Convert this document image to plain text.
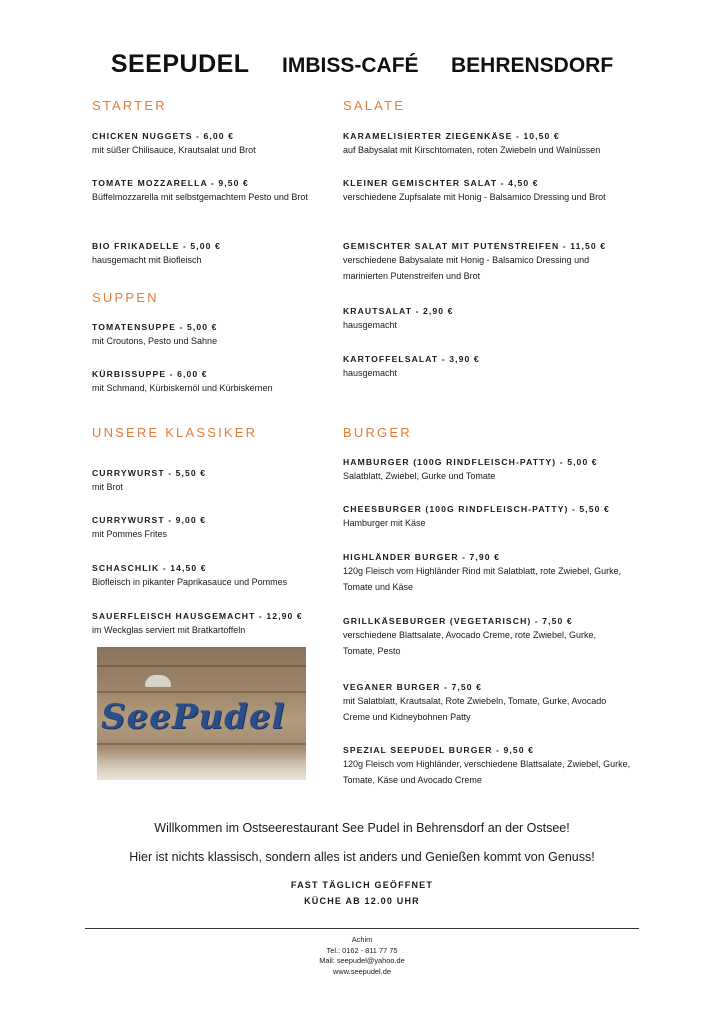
SEEPUDEL IMBISS-CAFÉ BEHRENSDORF
STARTER
CHICKEN NUGGETS - 6,00 €
mit süßer Chilisauce, Krautsalat und Brot
TOMATE MOZZARELLA - 9,50 €
Büffelmozzarella mit selbstgemachtem Pesto und Brot
BIO FRIKADELLE - 5,00 €
hausgemacht mit Biofleisch
SUPPEN
TOMATENSUPPE - 5,00 €
mit Croutons, Pesto und Sahne
KÜRBISSUPPE - 6,00 €
mit Schmand, Kürbiskernöl und Kürbiskernen
UNSERE KLASSIKER
CURRYWURST - 5,50 €
mit Brot
CURRYWURST - 9,00 €
mit Pommes Frites
SCHASCHLIK - 14,50 €
Biofleisch in pikanter Paprikasauce und Pommes
SAUERFLEISCH HAUSGEMACHT - 12,90 €
im Weckglas serviert mit Bratkartoffeln
SeePudel
SALATE
KARAMELISIERTER ZIEGENKÄSE - 10,50 €
auf Babysalat mit Kirschtomaten, roten Zwiebeln und Walnüssen
KLEINER GEMISCHTER SALAT - 4,50 €
verschiedene Zupfsalate mit Honig - Balsamico Dressing und Brot
GEMISCHTER SALAT MIT PUTENSTREIFEN - 11,50 €
verschiedene Babysalate mit Honig - Balsamico Dressing und marinierten Putenstreifen und Brot
KRAUTSALAT - 2,90 €
hausgemacht
KARTOFFELSALAT - 3,90 €
hausgemacht
BURGER
HAMBURGER (100G RINDFLEISCH-PATTY) - 5,00 €
Salatblatt, Zwiebel, Gurke und Tomate
CHEESBURGER (100G RINDFLEISCH-PATTY) - 5,50 €
Hamburger mit Käse
HIGHLÄNDER BURGER - 7,90 €
120g Fleisch vom Highländer Rind mit Salatblatt, rote Zwiebel, Gurke, Tomate und Käse
GRILLKÄSEBURGER (VEGETARISCH) - 7,50 €
verschiedene Blattsalate, Avocado Creme, rote Zwiebel, Gurke, Tomate, Pesto
VEGANER BURGER - 7,50 €
mit Salatblatt, Krautsalat, Rote Zwiebeln, Tomate, Gurke, Avocado Creme und Kidneybohnen Patty
SPEZIAL SEEPUDEL BURGER - 9,50 €
120g Fleisch vom Highländer, verschiedene Blattsalate, Zwiebel, Gurke, Tomate, Käse und Avocado Creme
Willkommen im Ostseerestaurant See Pudel in Behrensdorf an der Ostsee!
Hier ist nichts klassisch, sondern alles ist anders und Genießen kommt von Genuss!
FAST TÄGLICH GEÖFFNET
KÜCHE AB 12.00 UHR
Achim
Tel.: 0162 - 811 77 75
Mail: seepudel@yahoo.de
www.seepudel.de
